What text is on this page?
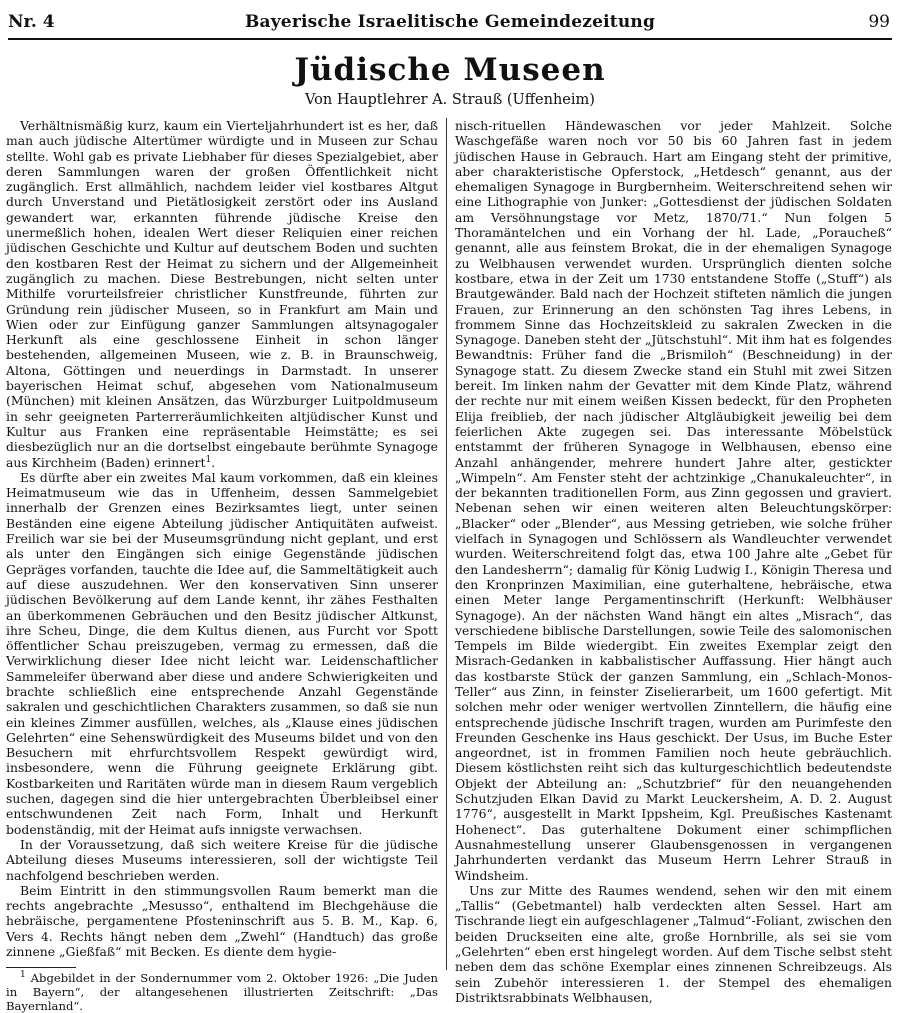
Nr. 4	Bayerische Israelitische Gemeindezeitung	99
Jüdische Museen
Von Hauptlehrer A. Strauß (Uffenheim)

Verhältnismäßig kurz, kaum ein Vierteljahrhundert ist es her, daß man auch jüdische Altertümer würdigte und in Museen zur Schau stellte. Wohl gab es private Liebhaber für dieses Spezialgebiet, aber deren Sammlungen waren der großen Öffentlichkeit nicht zugänglich. Erst allmählich, nachdem leider viel kostbares Altgut durch Unverstand und Pietätlosigkeit zerstört oder ins Ausland gewandert war, erkannten führende jüdische Kreise den unermeßlich hohen, idealen Wert dieser Reliquien einer reichen jüdischen Geschichte und Kultur auf deutschem Boden und suchten den kostbaren Rest der Heimat zu sichern und der Allgemeinheit zugänglich zu machen. Diese Bestrebungen, nicht selten unter Mithilfe vorurteilsfreier christlicher Kunstfreunde, führten zur Gründung rein jüdischer Museen, so in Frankfurt am Main und Wien oder zur Einfügung ganzer Sammlungen altsynagogaler Herkunft als eine geschlossene Einheit in schon länger bestehenden, allgemeinen Museen, wie z. B. in Braunschweig, Altona, Göttingen und neuerdings in Darmstadt. In unserer bayerischen Heimat schuf, abgesehen vom Nationalmuseum (München) mit kleinen Ansätzen, das Würzburger Luitpoldmuseum in sehr geeigneten Parterreräumlichkeiten altjüdischer Kunst und Kultur aus Franken eine repräsentable Heimstätte; es sei diesbezüglich nur an die dortselbst eingebaute berühmte Synagoge aus Kirchheim (Baden) erinnert$^1$.

Es dürfte aber ein zweites Mal kaum vorkommen, daß ein kleines Heimatmuseum wie das in Uffenheim, dessen Sammelgebiet innerhalb der Grenzen eines Bezirksamtes liegt, unter seinen Beständen eine eigene Abteilung jüdischer Antiquitäten aufweist. Freilich war sie bei der Museumsgründung nicht geplant, und erst als unter den Eingängen sich einige Gegenstände jüdischen Gepräges vorfanden, tauchte die Idee auf, die Sammeltätigkeit auch auf diese auszudehnen. Wer den konservativen Sinn unserer jüdischen Bevölkerung auf dem Lande kennt, ihr zähes Festhalten an überkommenen Gebräuchen und den Besitz jüdischer Altkunst, ihre Scheu, Dinge, die dem Kultus dienen, aus Furcht vor Spott öffentlicher Schau preiszugeben, vermag zu ermessen, daß die Verwirklichung dieser Idee nicht leicht war. Leidenschaftlicher Sammeleifer überwand aber diese und andere Schwierigkeiten und brachte schließlich eine entsprechende Anzahl Gegenstände sakralen und geschichtlichen Charakters zusammen, so daß sie nun ein kleines Zimmer ausfüllen, welches, als „Klause eines jüdischen Gelehrten“ eine Sehenswürdigkeit des Museums bildet und von den Besuchern mit ehrfurchtsvollem Respekt gewürdigt wird, insbesondere, wenn die Führung geeignete Erklärung gibt. Kostbarkeiten und Raritäten würde man in diesem Raum vergeblich suchen, dagegen sind die hier untergebrachten Überbleibsel einer entschwundenen Zeit nach Form, Inhalt und Herkunft bodenständig, mit der Heimat aufs innigste verwachsen.

In der Voraussetzung, daß sich weitere Kreise für die jüdische Abteilung dieses Museums interessieren, soll der wichtigste Teil nachfolgend beschrieben werden.

Beim Eintritt in den stimmungsvollen Raum bemerkt man die rechts angebrachte „Mesusso“, enthaltend im Blechgehäuse die hebräische, pergamentene Pfosteninschrift aus 5. B. M., Kap. 6, Vers 4. Rechts hängt neben dem „Zwehl“ (Handtuch) das große zinnene „Gießfaß“ mit Becken. Es diente dem hygie-

$^1$ Abgebildet in der Sondernummer vom 2. Oktober 1926: „Die Juden in Bayern“, der altangesehenen illustrierten Zeitschrift: „Das Bayernland“.

nisch-rituellen Händewaschen vor jeder Mahlzeit. Solche Waschgefäße waren noch vor 50 bis 60 Jahren fast in jedem jüdischen Hause in Gebrauch. Hart am Eingang steht der primitive, aber charakteristische Opferstock, „Hetdesch“ genannt, aus der ehemaligen Synagoge in Burgbernheim. Weiterschreitend sehen wir eine Lithographie von Junker: „Gottesdienst der jüdischen Soldaten am Versöhnungstage vor Metz, 1870/71.“ Nun folgen 5 Thoramäntelchen und ein Vorhang der hl. Lade, „Poraucheß“ genannt, alle aus feinstem Brokat, die in der ehemaligen Synagoge zu Welbhausen verwendet wurden. Ursprünglich dienten solche kostbare, etwa in der Zeit um 1730 entstandene Stoffe („Stuff“) als Brautgewänder. Bald nach der Hochzeit stifteten nämlich die jungen Frauen, zur Erinnerung an den schönsten Tag ihres Lebens, in frommem Sinne das Hochzeitskleid zu sakralen Zwecken in die Synagoge. Daneben steht der „Jütschstuhl“. Mit ihm hat es folgendes Bewandtnis: Früher fand die „Brismiloh“ (Beschneidung) in der Synagoge statt. Zu diesem Zwecke stand ein Stuhl mit zwei Sitzen bereit. Im linken nahm der Gevatter mit dem Kinde Platz, während der rechte nur mit einem weißen Kissen bedeckt, für den Propheten Elija freiblieb, der nach jüdischer Altgläubigkeit jeweilig bei dem feierlichen Akte zugegen sei. Das interessante Möbelstück entstammt der früheren Synagoge in Welbhausen, ebenso eine Anzahl anhängender, mehrere hundert Jahre alter, gestickter „Wimpeln“. Am Fenster steht der achtzinkige „Chanukaleuchter“, in der bekannten traditionellen Form, aus Zinn gegossen und graviert. Nebenan sehen wir einen weiteren alten Beleuchtungskörper: „Blacker“ oder „Blender“, aus Messing getrieben, wie solche früher vielfach in Synagogen und Schlössern als Wandleuchter verwendet wurden. Weiterschreitend folgt das, etwa 100 Jahre alte „Gebet für den Landesherrn“; damalig für König Ludwig I., Königin Theresa und den Kronprinzen Maximilian, eine guterhaltene, hebräische, etwa einen Meter lange Pergamentinschrift (Herkunft: Welbhäuser Synagoge). An der nächsten Wand hängt ein altes „Misrach“, das verschiedene biblische Darstellungen, sowie Teile des salomonischen Tempels im Bilde wiedergibt. Ein zweites Exemplar zeigt den Misrach-Gedanken in kabbalistischer Auffassung. Hier hängt auch das kostbarste Stück der ganzen Sammlung, ein „Schlach-Monos-Teller“ aus Zinn, in feinster Ziselierarbeit, um 1600 gefertigt. Mit solchen mehr oder weniger wertvollen Zinntellern, die häufig eine entsprechende jüdische Inschrift tragen, wurden am Purimfeste den Freunden Geschenke ins Haus geschickt. Der Usus, im Buche Ester angeordnet, ist in frommen Familien noch heute gebräuchlich. Diesem köstlichsten reiht sich das kulturgeschichtlich bedeutendste Objekt der Abteilung an: „Schutzbrief“ für den neuangehenden Schutzjuden Elkan David zu Markt Leuckersheim, A. D. 2. August 1776“, ausgestellt in Markt Ippsheim, Kgl. Preußisches Kastenamt Hohenect“. Das guterhaltene Dokument einer schimpflichen Ausnahmestellung unserer Glaubensgenossen in vergangenen Jahrhunderten verdankt das Museum Herrn Lehrer Strauß in Windsheim.

Uns zur Mitte des Raumes wendend, sehen wir den mit einem „Tallis“ (Gebetmantel) halb verdeckten alten Sessel. Hart am Tischrande liegt ein aufgeschlagener „Talmud“-Foliant, zwischen den beiden Druckseiten eine alte, große Hornbrille, als sei sie vom „Gelehrten“ eben erst hingelegt worden. Auf dem Tische selbst steht neben dem das schöne Exemplar eines zinnenen Schreibzeugs. Als sein Zubehör interessieren 1. der Stempel des ehemaligen Distriktsrabbinats Welbhausen,
